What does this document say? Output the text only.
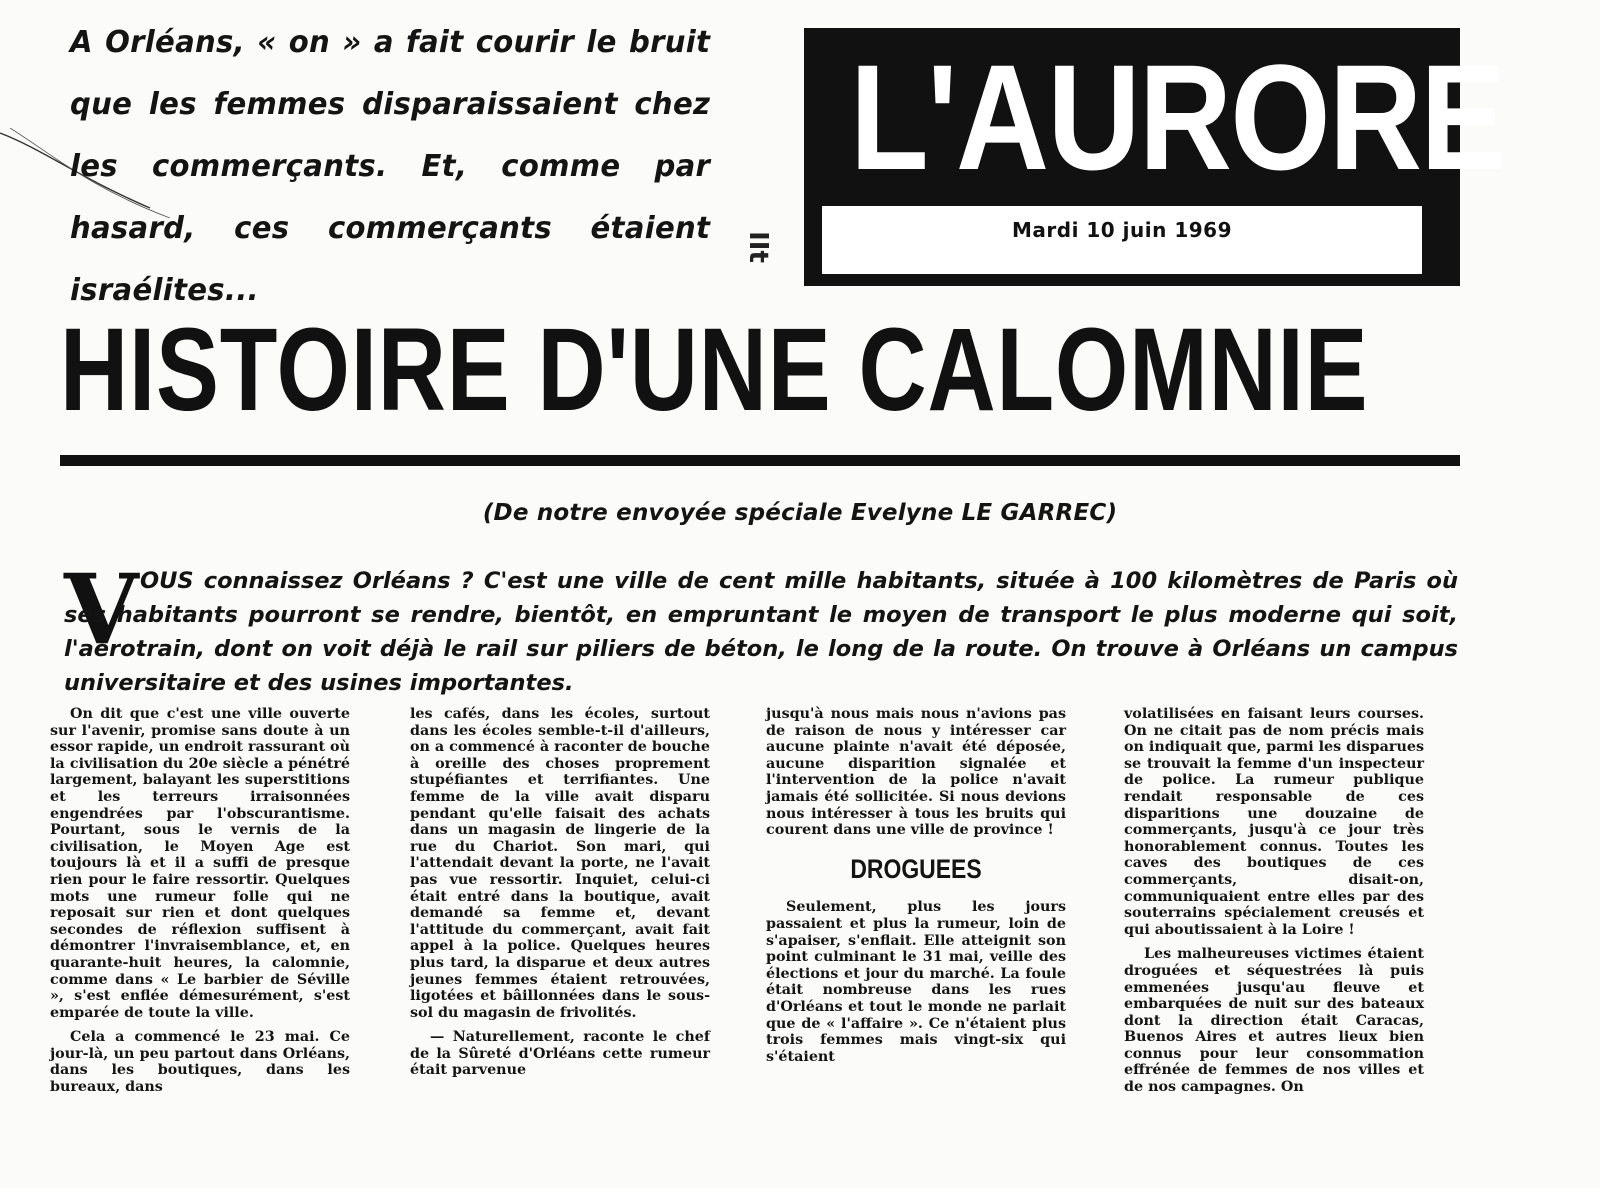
A Orléans, « on » a fait courir le bruit que les femmes disparaissaient chez les commerçants. Et, comme par hasard, ces commerçants étaient israélites...
IIt
L'AURORE
Mardi 10 juin 1969
HISTOIRE D'UNE CALOMNIE
(De notre envoyée spéciale Evelyne LE GARREC)
V OUS connaissez Orléans ? C'est une ville de cent mille habitants, située à 100 kilomètres de Paris où ses habitants pourront se rendre, bientôt, en empruntant le moyen de transport le plus moderne qui soit, l'aérotrain, dont on voit déjà le rail sur piliers de béton, le long de la route. On trouve à Orléans un campus universitaire et des usines importantes.

On dit que c'est une ville ouverte sur l'avenir, promise sans doute à un essor rapide, un endroit rassurant où la civilisation du 20e siècle a pénétré largement, balayant les superstitions et les terreurs irraisonnées engendrées par l'obscurantisme. Pourtant, sous le vernis de la civilisation, le Moyen Age est toujours là et il a suffi de presque rien pour le faire ressortir. Quelques mots une rumeur folle qui ne reposait sur rien et dont quelques secondes de réflexion suffisent à démontrer l'invraisemblance, et, en quarante-huit heures, la calomnie, comme dans « Le barbier de Séville », s'est enflée démesurément, s'est emparée de toute la ville.

Cela a commencé le 23 mai. Ce jour-là, un peu partout dans Orléans, dans les boutiques, dans les bureaux, dans

les cafés, dans les écoles, surtout dans les écoles semble-t-il d'ailleurs, on a commencé à raconter de bouche à oreille des choses proprement stupéfiantes et terrifiantes. Une femme de la ville avait disparu pendant qu'elle faisait des achats dans un magasin de lingerie de la rue du Chariot. Son mari, qui l'attendait devant la porte, ne l'avait pas vue ressortir. Inquiet, celui-ci était entré dans la boutique, avait demandé sa femme et, devant l'attitude du commerçant, avait fait appel à la police. Quelques heures plus tard, la disparue et deux autres jeunes femmes étaient retrouvées, ligotées et bâillonnées dans le sous-sol du magasin de frivolités.

— Naturellement, raconte le chef de la Sûreté d'Orléans cette rumeur était parvenue

jusqu'à nous mais nous n'avions pas de raison de nous y intéresser car aucune plainte n'avait été déposée, aucune disparition signalée et l'intervention de la police n'avait jamais été sollicitée. Si nous devions nous intéresser à tous les bruits qui courent dans une ville de province !

DROGUEES

Seulement, plus les jours passaient et plus la rumeur, loin de s'apaiser, s'enflait. Elle atteignit son point culminant le 31 mai, veille des élections et jour du marché. La foule était nombreuse dans les rues d'Orléans et tout le monde ne parlait que de « l'affaire ». Ce n'étaient plus trois femmes mais vingt-six qui s'étaient

volatilisées en faisant leurs courses. On ne citait pas de nom précis mais on indiquait que, parmi les disparues se trouvait la femme d'un inspecteur de police. La rumeur publique rendait responsable de ces disparitions une douzaine de commerçants, jusqu'à ce jour très honorablement connus. Toutes les caves des boutiques de ces commerçants, disait-on, communiquaient entre elles par des souterrains spécialement creusés et qui aboutissaient à la Loire !

Les malheureuses victimes étaient droguées et séquestrées là puis emmenées jusqu'au fleuve et embarquées de nuit sur des bateaux dont la direction était Caracas, Buenos Aires et autres lieux bien connus pour leur consommation effrénée de femmes de nos villes et de nos campagnes. On
